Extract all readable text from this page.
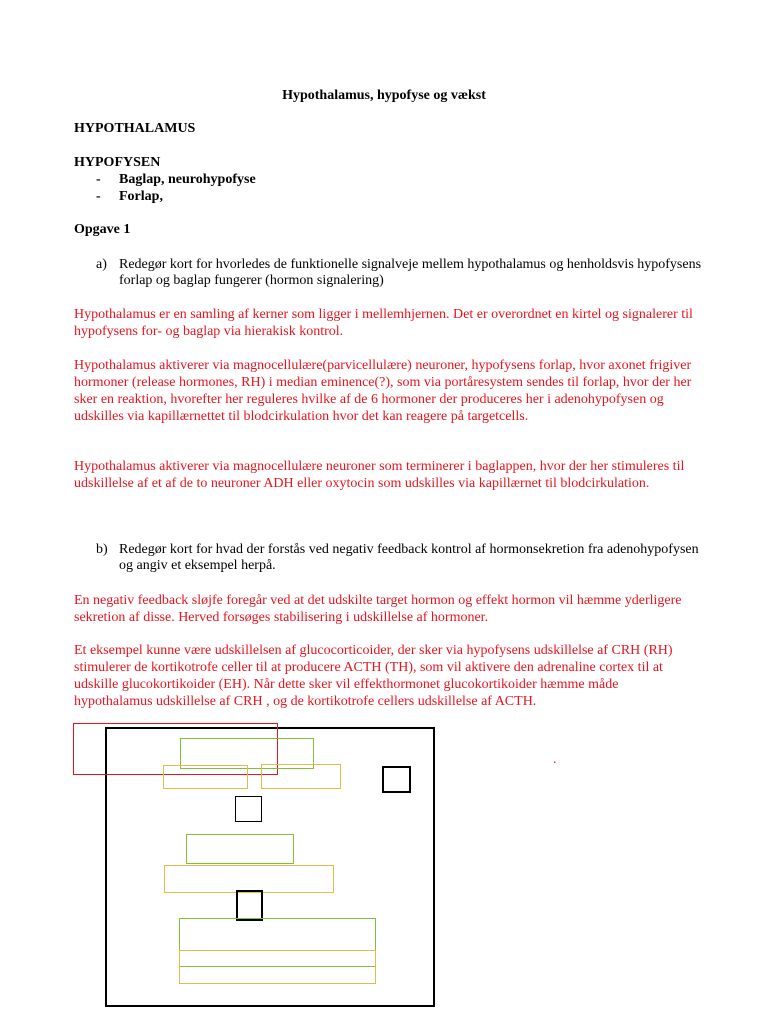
Hypothalamus, hypofyse og vækst
HYPOTHALAMUS
HYPOFYSEN
- Baglap, neurohypofyse
- Forlap,
Opgave 1
a) Redegør kort for hvorledes de funktionelle signalveje mellem hypothalamus og henholdsvis hypofysens forlap og baglap fungerer (hormon signalering)
Hypothalamus er en samling af kerner som ligger i mellemhjernen. Det er overordnet en kirtel og signalerer til hypofysens for- og baglap via hierakisk kontrol.
Hypothalamus aktiverer via magnocellulære(parvicellulære) neuroner, hypofysens forlap, hvor axonet frigiver hormoner (release hormones, RH) i median eminence(?), som via portåresystem sendes til forlap, hvor der her sker en reaktion, hvorefter her reguleres hvilke af de 6 hormoner der produceres her i adenohypofysen og udskilles via kapillærnettet til blodcirkulation hvor det kan reagere på targetcells.
Hypothalamus aktiverer via magnocellulære neuroner som terminerer i baglappen, hvor der her stimuleres til udskillelse af et af de to neuroner ADH eller oxytocin som udskilles via kapillærnet til blodcirkulation.
b) Redegør kort for hvad der forstås ved negativ feedback kontrol af hormonsekretion fra adenohypofysen og angiv et eksempel herpå.
En negativ feedback sløjfe foregår ved at det udskilte target hormon og effekt hormon vil hæmme yderligere sekretion af disse. Herved forsøges stabilisering i udskillelse af hormoner.
Et eksempel kunne være udskillelsen af glucocorticoider, der sker via hypofysens udskillelse af CRH (RH) stimulerer de kortikotrofe celler til at producere ACTH (TH), som vil aktivere den adrenaline cortex til at udskille glucokortikoider (EH). Når dette sker vil effekthormonet glucokortikoider hæmme måde hypothalamus udskillelse af CRH , og de kortikotrofe cellers udskillelse af ACTH.
.
